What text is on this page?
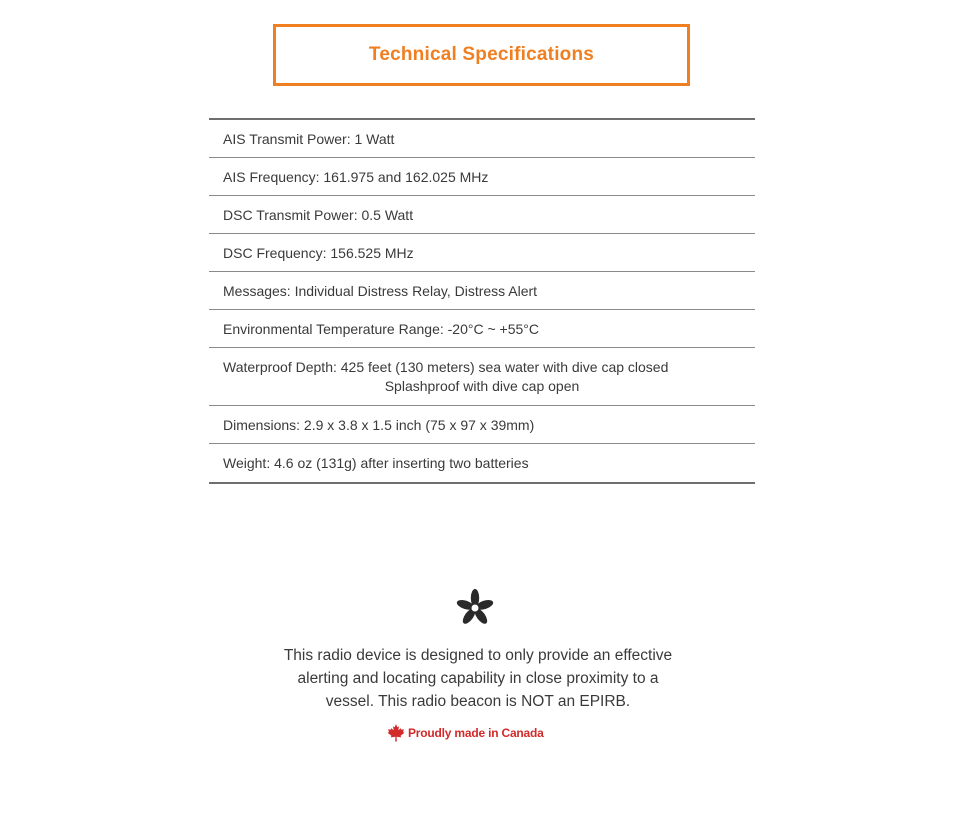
Technical Specifications
AIS Transmit Power: 1 Watt
AIS Frequency: 161.975 and 162.025 MHz
DSC Transmit Power: 0.5 Watt
DSC Frequency: 156.525 MHz
Messages: Individual Distress Relay, Distress Alert
Environmental Temperature Range: -20°C ~ +55°C
Waterproof Depth: 425 feet (130 meters) sea water with dive cap closed
Splashproof with dive cap open
Dimensions: 2.9 x 3.8 x 1.5 inch (75 x 97 x 39mm)
Weight: 4.6 oz (131g) after inserting two batteries
This radio device is designed to only provide an effective
alerting and locating capability in close proximity to a
vessel. This radio beacon is NOT an EPIRB.
Proudly made in Canada
